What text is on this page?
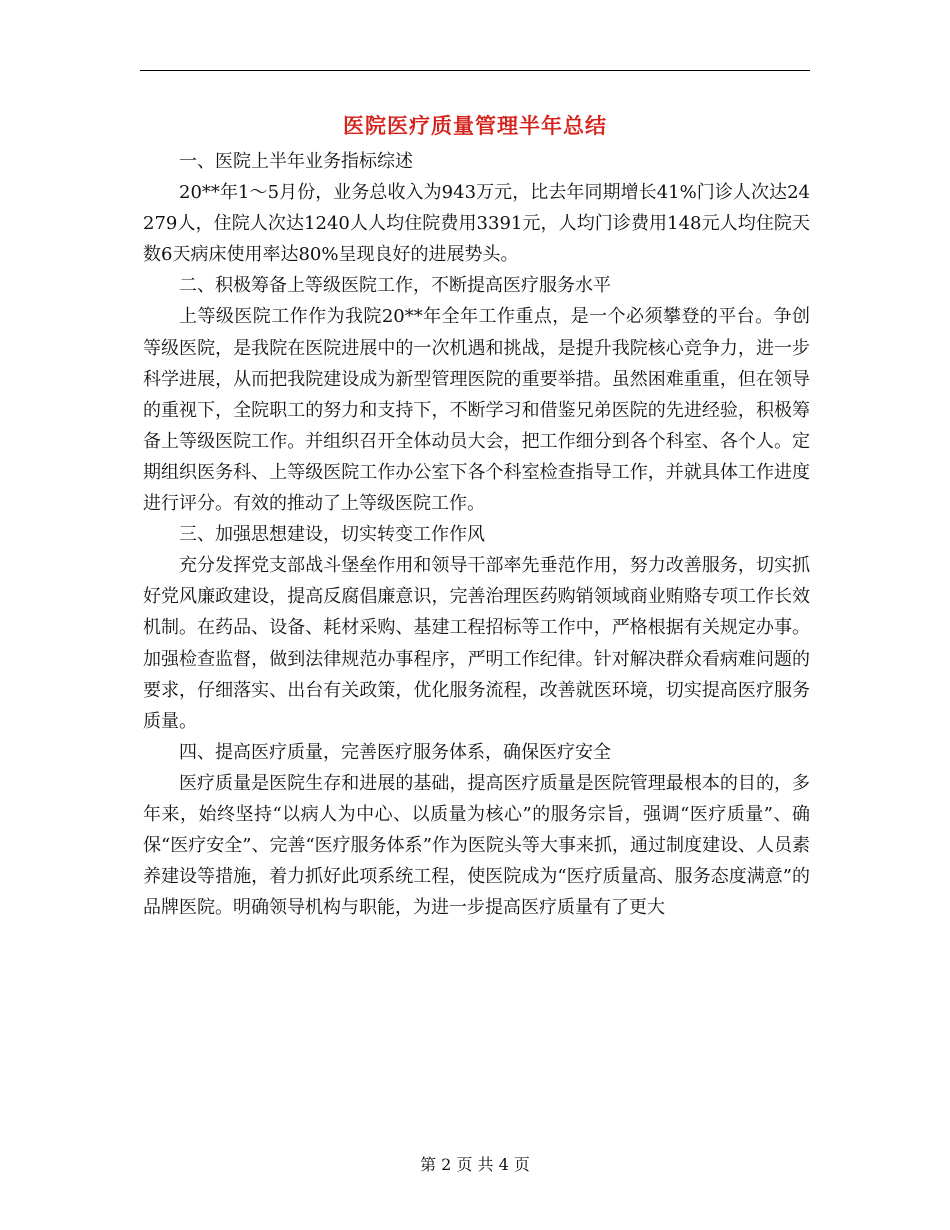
医院医疗质量管理半年总结

一、医院上半年业务指标综述

20**年1～5月份，业务总收入为943万元，比去年同期增长41%门诊人次达24279人，住院人次达1240人人均住院费用3391元，人均门诊费用148元人均住院天数6天病床使用率达80%呈现良好的进展势头。

二、积极筹备上等级医院工作，不断提高医疗服务水平

上等级医院工作作为我院20**年全年工作重点，是一个必须攀登的平台。争创等级医院，是我院在医院进展中的一次机遇和挑战，是提升我院核心竞争力，进一步科学进展，从而把我院建设成为新型管理医院的重要举措。虽然困难重重，但在领导的重视下，全院职工的努力和支持下，不断学习和借鉴兄弟医院的先进经验，积极筹备上等级医院工作。并组织召开全体动员大会，把工作细分到各个科室、各个人。定期组织医务科、上等级医院工作办公室下各个科室检查指导工作，并就具体工作进度进行评分。有效的推动了上等级医院工作。

三、加强思想建设，切实转变工作作风

充分发挥党支部战斗堡垒作用和领导干部率先垂范作用，努力改善服务，切实抓好党风廉政建设，提高反腐倡廉意识，完善治理医药购销领域商业贿赂专项工作长效机制。在药品、设备、耗材采购、基建工程招标等工作中，严格根据有关规定办事。加强检查监督，做到法律规范办事程序，严明工作纪律。针对解决群众看病难问题的要求，仔细落实、出台有关政策，优化服务流程，改善就医环境，切实提高医疗服务质量。

四、提高医疗质量，完善医疗服务体系，确保医疗安全

医疗质量是医院生存和进展的基础，提高医疗质量是医院管理最根本的目的，多年来，始终坚持“以病人为中心、以质量为核心”的服务宗旨，强调“医疗质量”、确保“医疗安全”、完善“医疗服务体系”作为医院头等大事来抓，通过制度建设、人员素养建设等措施，着力抓好此项系统工程，使医院成为“医疗质量高、服务态度满意”的品牌医院。明确领导机构与职能，为进一步提高医疗质量有了更大

第 2 页 共 4 页
